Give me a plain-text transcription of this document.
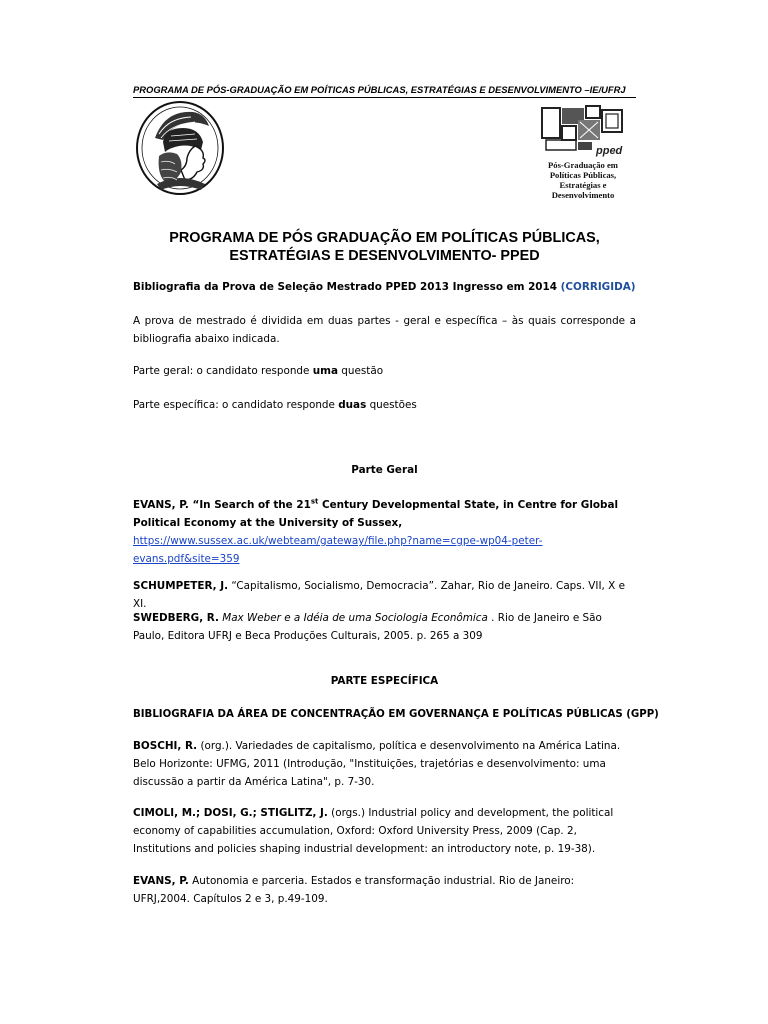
PROGRAMA DE PÓS-GRADUAÇÃO EM POÍTICAS PÚBLICAS, ESTRATÉGIAS E DESENVOLVIMENTO –IE/UFRJ
pped
Pós-Graduação em
Políticas Públicas,
Estratégias e
Desenvolvimento
PROGRAMA DE PÓS GRADUAÇÃO EM POLÍTICAS PÚBLICAS,
ESTRATÉGIAS E DESENVOLVIMENTO- PPED
Bibliografia da Prova de Seleção Mestrado PPED 2013 Ingresso em 2014 (CORRIGIDA)
A prova de mestrado é dividida em duas partes - geral e específica – às quais corresponde a bibliografia abaixo indicada.
Parte geral: o candidato responde uma questão
Parte específica: o candidato responde duas questões
Parte Geral
EVANS, P. “In Search of the 21st Century Developmental State, in Centre for Global Political Economy at the University of Sussex,
https://www.sussex.ac.uk/webteam/gateway/file.php?name=cgpe-wp04-peter-
evans.pdf&site=359
SCHUMPETER, J. “Capitalismo, Socialismo, Democracia”. Zahar, Rio de Janeiro. Caps. VII, X e XI.
SWEDBERG, R. Max Weber e a Idéia de uma Sociologia Econômica . Rio de Janeiro e São Paulo, Editora UFRJ e Beca Produções Culturais, 2005. p. 265 a 309
PARTE ESPECÍFICA
BIBLIOGRAFIA DA ÁREA DE CONCENTRAÇÃO EM GOVERNANÇA E POLÍTICAS PÚBLICAS (GPP)
BOSCHI, R. (org.). Variedades de capitalismo, política e desenvolvimento na América Latina.
Belo Horizonte: UFMG, 2011 (Introdução, "Instituições, trajetórias e desenvolvimento: uma
discussão a partir da América Latina", p. 7-30.
CIMOLI, M.; DOSI, G.; STIGLITZ, J. (orgs.) Industrial policy and development, the political
economy of capabilities accumulation, Oxford: Oxford University Press, 2009 (Cap. 2,
Institutions and policies shaping industrial development: an introductory note, p. 19-38).
EVANS, P. Autonomia e parceria. Estados e transformação industrial. Rio de Janeiro:
UFRJ,2004. Capítulos 2 e 3, p.49-109.
